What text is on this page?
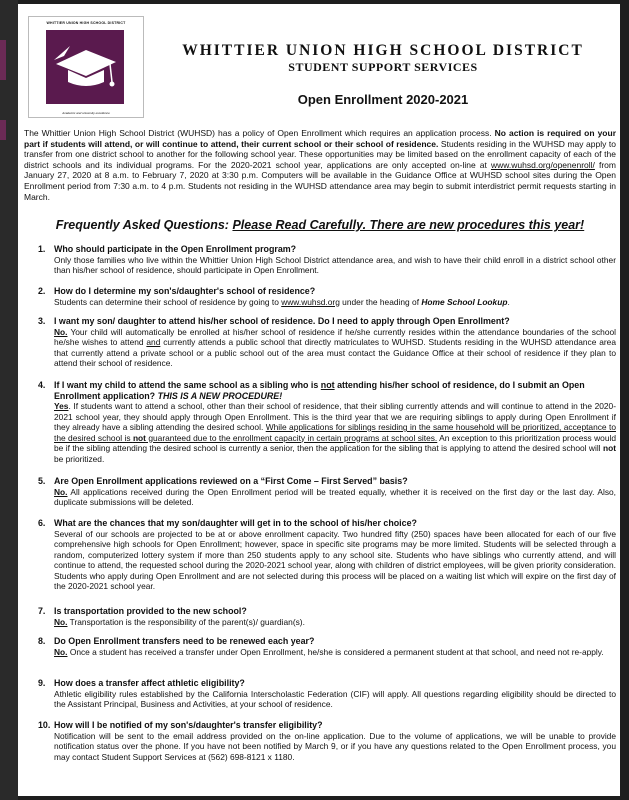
WHITTIER UNION HIGH SCHOOL DISTRICT
Academic and university excellence
WHITTIER UNION HIGH SCHOOL DISTRICT
STUDENT SUPPORT SERVICES
Open Enrollment 2020-2021
The Whittier Union High School District (WUHSD) has a policy of Open Enrollment which requires an application process. No action is required on your part if students will attend, or will continue to attend, their current school or their school of residence. Students residing in the WUHSD may apply to transfer from one district school to another for the following school year. These opportunities may be limited based on the enrollment capacity of each of the district schools and its individual programs. For the 2020-2021 school year, applications are only accepted on-line at www.wuhsd.org/openenroll/ from January 27, 2020 at 8 a.m. to February 7, 2020 at 3:30 p.m. Computers will be available in the Guidance Office at WUHSD school sites during the Open Enrollment period from 7:30 a.m. to 4 p.m. Students not residing in the WUHSD attendance area may begin to submit interdistrict permit requests starting in March.
Frequently Asked Questions: Please Read Carefully. There are new procedures this year!
1. Who should participate in the Open Enrollment program?
Only those families who live within the Whittier Union High School District attendance area, and wish to have their child enroll in a district school other than his/her school of residence, should participate in Open Enrollment.
2. How do I determine my son's/daughter's school of residence?
Students can determine their school of residence by going to www.wuhsd.org under the heading of Home School Lookup.
3. I want my son/ daughter to attend his/her school of residence. Do I need to apply through Open Enrollment?
No. Your child will automatically be enrolled at his/her school of residence if he/she currently resides within the attendance boundaries of the school he/she wishes to attend and currently attends a public school that directly matriculates to WUHSD. Students residing in the WUHSD attendance area that currently attend a private school or a public school out of the area must contact the Guidance Office at their school of residence if they plan to attend their school of residence.
4. If I want my child to attend the same school as a sibling who is not attending his/her school of residence, do I submit an Open Enrollment application? THIS IS A NEW PROCEDURE!
Yes. If students want to attend a school, other than their school of residence, that their sibling currently attends and will continue to attend in the 2020-2021 school year, they should apply through Open Enrollment. This is the third year that we are requiring siblings to apply during Open Enrollment if they already have a sibling attending the desired school. While applications for siblings residing in the same household will be prioritized, acceptance to the desired school is not guaranteed due to the enrollment capacity in certain programs at school sites. An exception to this prioritization process would be if the sibling attending the desired school is currently a senior, then the application for the sibling that is applying to attend the desired school will not be prioritized.
5. Are Open Enrollment applications reviewed on a “First Come – First Served” basis?
No. All applications received during the Open Enrollment period will be treated equally, whether it is received on the first day or the last day. Also, duplicate submissions will be deleted.
6. What are the chances that my son/daughter will get in to the school of his/her choice?
Several of our schools are projected to be at or above enrollment capacity. Two hundred fifty (250) spaces have been allocated for each of our five comprehensive high schools for Open Enrollment; however, space in specific site programs may be more limited. Students will be selected through a random, computerized lottery system if more than 250 students apply to any school site. Students who have siblings who currently attend, and will continue to attend, the requested school during the 2020-2021 school year, along with children of district employees, will be given priority consideration. Students who apply during Open Enrollment and are not selected during this process will be placed on a waiting list which will expire on the first day of the 2020-2021 school year.
7. Is transportation provided to the new school?
No. Transportation is the responsibility of the parent(s)/ guardian(s).
8. Do Open Enrollment transfers need to be renewed each year?
No. Once a student has received a transfer under Open Enrollment, he/she is considered a permanent student at that school, and need not re-apply.
9. How does a transfer affect athletic eligibility?
Athletic eligibility rules established by the California Interscholastic Federation (CIF) will apply. All questions regarding eligibility should be directed to the Assistant Principal, Business and Activities, at your school of residence.
10. How will I be notified of my son's/daughter's transfer eligibility?
Notification will be sent to the email address provided on the on-line application. Due to the volume of applications, we will be unable to provide notification status over the phone. If you have not been notified by March 9, or if you have any questions related to the Open Enrollment process, you may contact Student Support Services at (562) 698-8121 x 1180.
